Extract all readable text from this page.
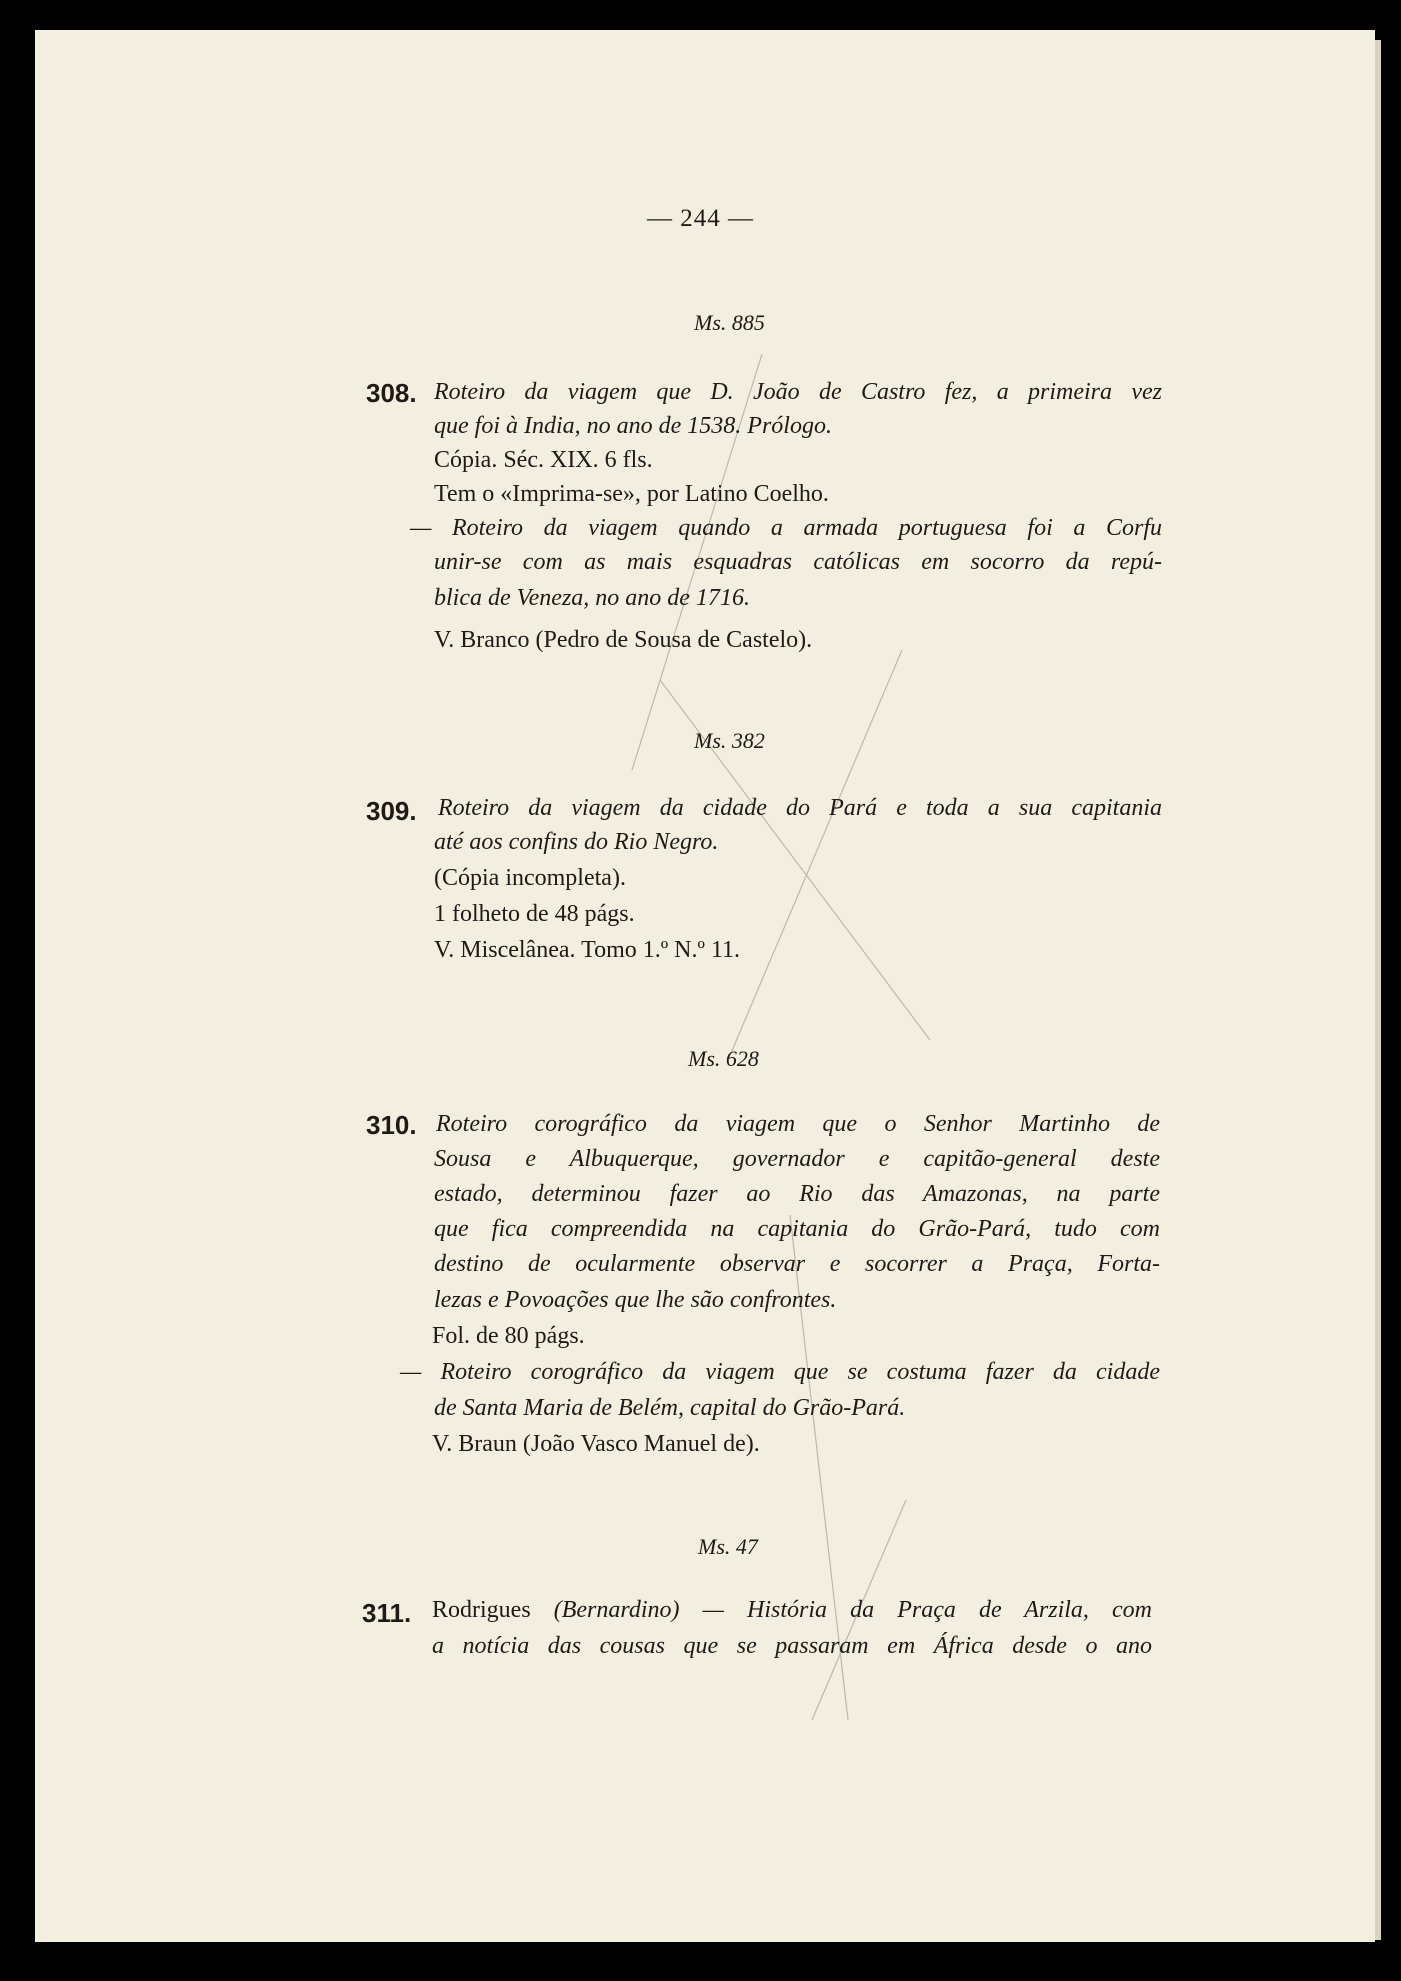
— 244 —
Ms. 885
308. Roteiro da viagem que D. João de Castro fez, a primeira vez
que foi à India, no ano de 1538. Prólogo.
Cópia. Séc. XIX. 6 fls.
Tem o «Imprima-se», por Latino Coelho.
— Roteiro da viagem quando a armada portuguesa foi a Corfu
unir-se com as mais esquadras católicas em socorro da repú-
blica de Veneza, no ano de 1716.
V. Branco (Pedro de Sousa de Castelo).
Ms. 382
309. Roteiro da viagem da cidade do Pará e toda a sua capitania
até aos confins do Rio Negro.
(Cópia incompleta).
1 folheto de 48 págs.
V. Miscelânea. Tomo 1.º N.º 11.
Ms. 628
310. Roteiro corográfico da viagem que o Senhor Martinho de
Sousa e Albuquerque, governador e capitão-general deste
estado, determinou fazer ao Rio das Amazonas, na parte
que fica compreendida na capitania do Grão-Pará, tudo com
destino de ocularmente observar e socorrer a Praça, Forta-
lezas e Povoações que lhe são confrontes.
Fol. de 80 págs.
— Roteiro corográfico da viagem que se costuma fazer da cidade
de Santa Maria de Belém, capital do Grão-Pará.
V. Braun (João Vasco Manuel de).
Ms. 47
311. Rodrigues (Bernardino) — História da Praça de Arzila, com
a notícia das cousas que se passaram em África desde o ano
